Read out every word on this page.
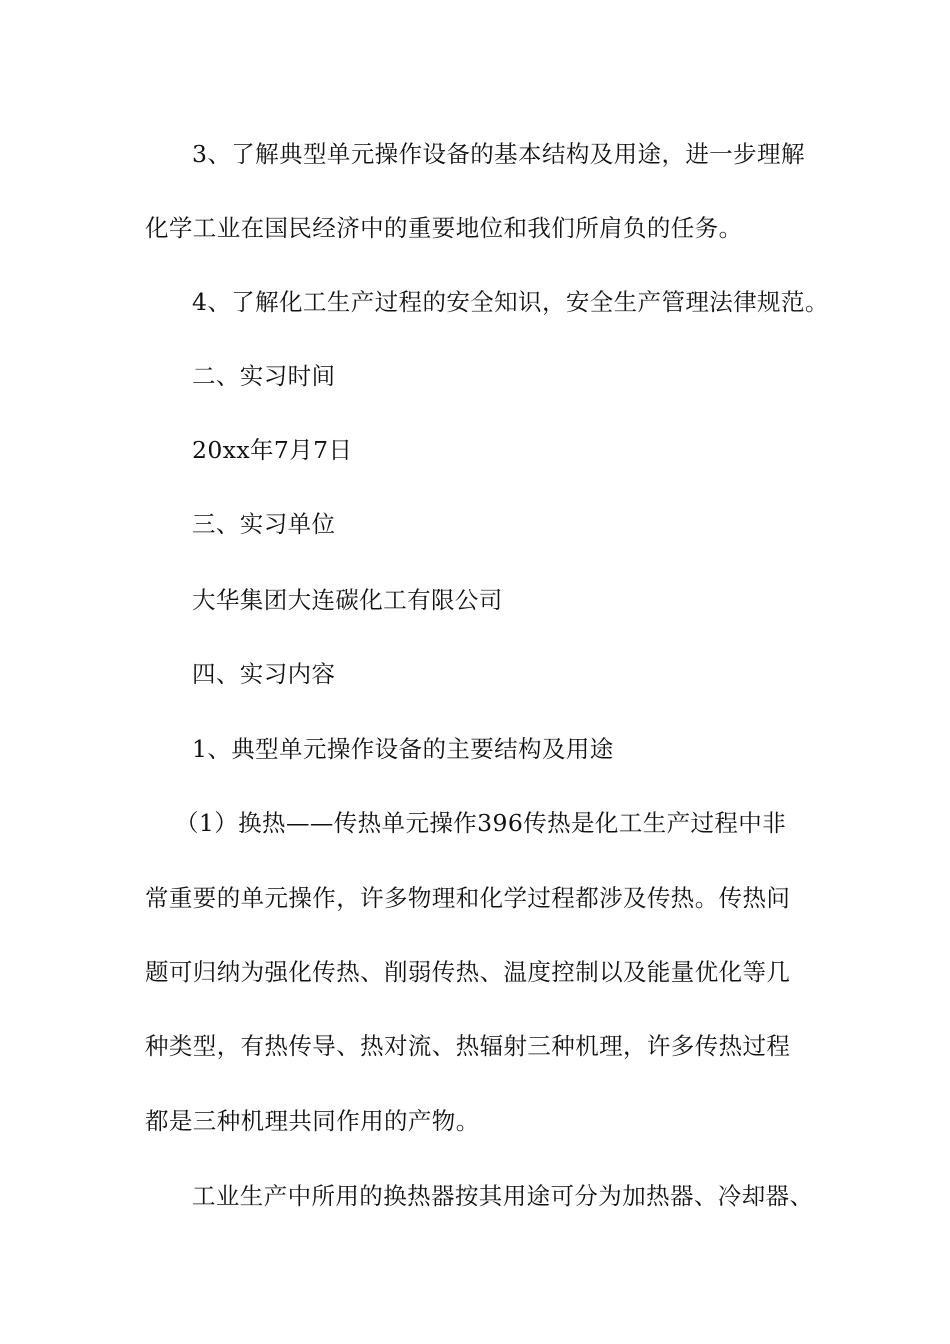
3、了解典型单元操作设备的基本结构及用途，进一步理解
化学工业在国民经济中的重要地位和我们所肩负的任务。
4、了解化工生产过程的安全知识，安全生产管理法律规范。
二、实习时间
20xx年7月7日
三、实习单位
大华集团大连碳化工有限公司
四、实习内容
1、典型单元操作设备的主要结构及用途
（1）换热——传热单元操作396传热是化工生产过程中非
常重要的单元操作，许多物理和化学过程都涉及传热。传热问
题可归纳为强化传热、削弱传热、温度控制以及能量优化等几
种类型，有热传导、热对流、热辐射三种机理，许多传热过程
都是三种机理共同作用的产物。
工业生产中所用的换热器按其用途可分为加热器、冷却器、
